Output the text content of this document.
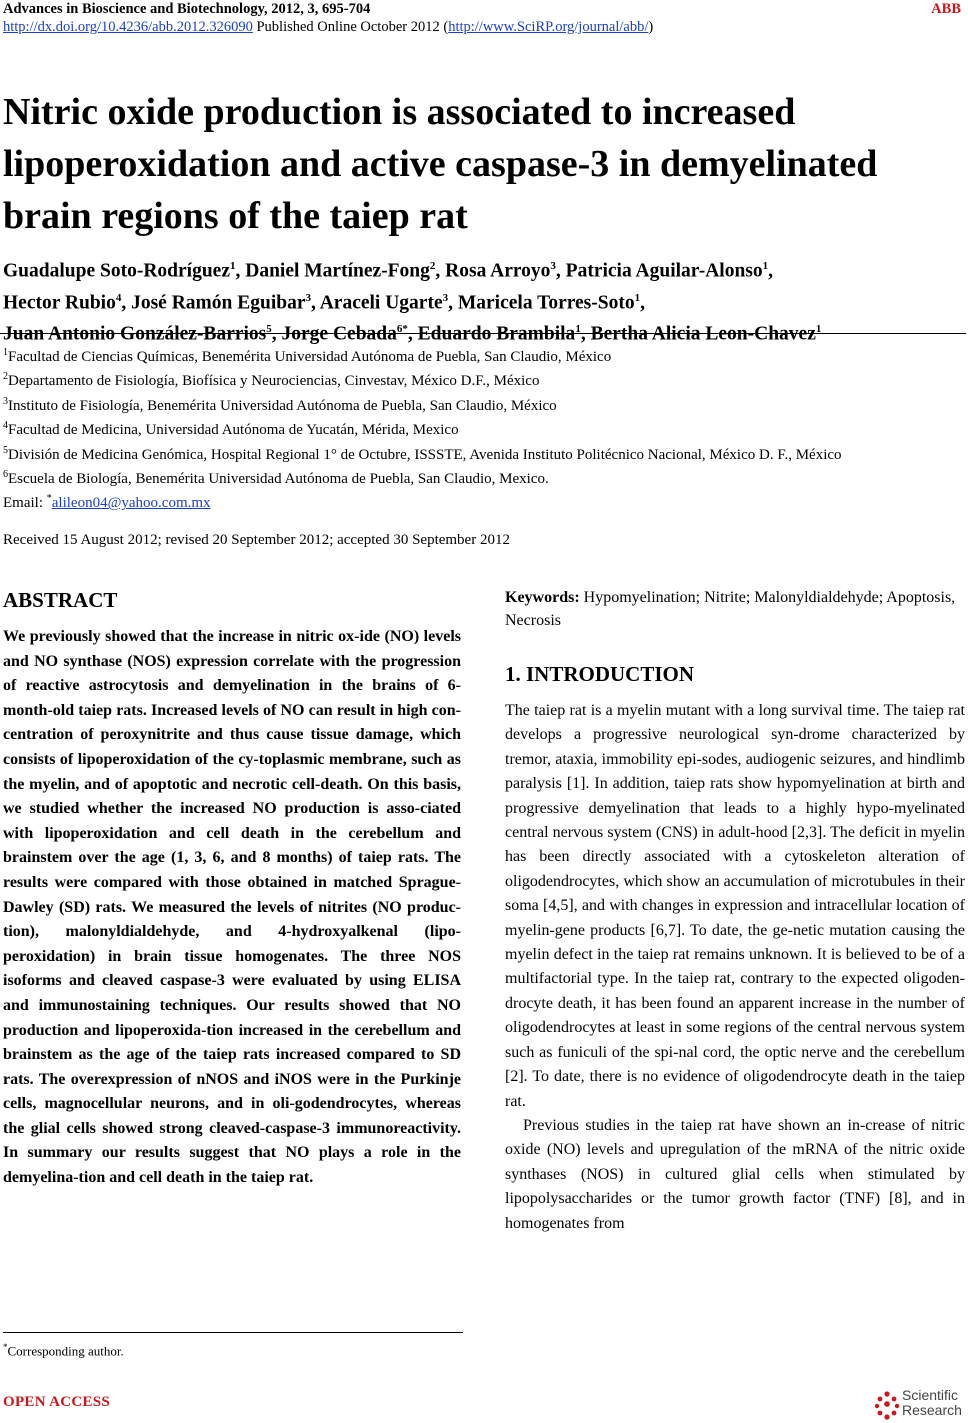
Advances in Bioscience and Biotechnology, 2012, 3, 695-704	ABB
http://dx.doi.org/10.4236/abb.2012.326090 Published Online October 2012 (http://www.SciRP.org/journal/abb/)
Nitric oxide production is associated to increased lipoperoxidation and active caspase-3 in demyelinated brain regions of the taiep rat
Guadalupe Soto-Rodríguez$^1$, Daniel Martínez-Fong$^2$, Rosa Arroyo$^3$, Patricia Aguilar-Alonso$^1$,
Hector Rubio$^4$, José Ramón Eguibar$^3$, Araceli Ugarte$^3$, Maricela Torres-Soto$^1$,
Juan Antonio González-Barrios$^5$, Jorge Cebada$^{6*}$, Eduardo Brambila$^1$, Bertha Alicia Leon-Chavez$^1$
$^1$Facultad de Ciencias Químicas, Benemérita Universidad Autónoma de Puebla, San Claudio, México
$^2$Departamento de Fisiología, Biofísica y Neurociencias, Cinvestav, México D.F., México
$^3$Instituto de Fisiología, Benemérita Universidad Autónoma de Puebla, San Claudio, México
$^4$Facultad de Medicina, Universidad Autónoma de Yucatán, Mérida, Mexico
$^5$División de Medicina Genómica, Hospital Regional 1° de Octubre, ISSSTE, Avenida Instituto Politécnico Nacional, México D. F., México
$^6$Escuela de Biología, Benemérita Universidad Autónoma de Puebla, San Claudio, Mexico.
Email: *alileon04@yahoo.com.mx
Received 15 August 2012; revised 20 September 2012; accepted 30 September 2012
ABSTRACT
We previously showed that the increase in nitric ox-ide (NO) levels and NO synthase (NOS) expression correlate with the progression of reactive astrocytosis and demyelination in the brains of 6-month-old taiep rats. Increased levels of NO can result in high con-centration of peroxynitrite and thus cause tissue damage, which consists of lipoperoxidation of the cy-toplasmic membrane, such as the myelin, and of apoptotic and necrotic cell-death. On this basis, we studied whether the increased NO production is asso-ciated with lipoperoxidation and cell death in the cerebellum and brainstem over the age (1, 3, 6, and 8 months) of taiep rats. The results were compared with those obtained in matched Sprague-Dawley (SD) rats. We measured the levels of nitrites (NO produc-tion), malonyldialdehyde, and 4-hydroxyalkenal (lipo-peroxidation) in brain tissue homogenates. The three NOS isoforms and cleaved caspase-3 were evaluated by using ELISA and immunostaining techniques. Our results showed that NO production and lipoperoxida-tion increased in the cerebellum and brainstem as the age of the taiep rats increased compared to SD rats. The overexpression of nNOS and iNOS were in the Purkinje cells, magnocellular neurons, and in oli-godendrocytes, whereas the glial cells showed strong cleaved-caspase-3 immunoreactivity. In summary our results suggest that NO plays a role in the demyelina-tion and cell death in the taiep rat.
Keywords: Hypomyelination; Nitrite; Malonyldialdehyde; Apoptosis, Necrosis
1. INTRODUCTION

The taiep rat is a myelin mutant with a long survival time. The taiep rat develops a progressive neurological syn-drome characterized by tremor, ataxia, immobility epi-sodes, audiogenic seizures, and hindlimb paralysis [1]. In addition, taiep rats show hypomyelination at birth and progressive demyelination that leads to a highly hypo-myelinated central nervous system (CNS) in adult-hood [2,3]. The deficit in myelin has been directly associated with a cytoskeleton alteration of oligodendrocytes, which show an accumulation of microtubules in their soma [4,5], and with changes in expression and intracellular location of myelin-gene products [6,7]. To date, the ge-netic mutation causing the myelin defect in the taiep rat remains unknown. It is believed to be of a multifactorial type. In the taiep rat, contrary to the expected oligoden-drocyte death, it has been found an apparent increase in the number of oligodendrocytes at least in some regions of the central nervous system such as funiculi of the spi-nal cord, the optic nerve and the cerebellum [2]. To date, there is no evidence of oligodendrocyte death in the taiep rat.

Previous studies in the taiep rat have shown an in-crease of nitric oxide (NO) levels and upregulation of the mRNA of the nitric oxide synthases (NOS) in cultured glial cells when stimulated by lipopolysaccharides or the tumor growth factor (TNF) [8], and in homogenates from

*Corresponding author.
OPEN ACCESS	Scientific
Research
